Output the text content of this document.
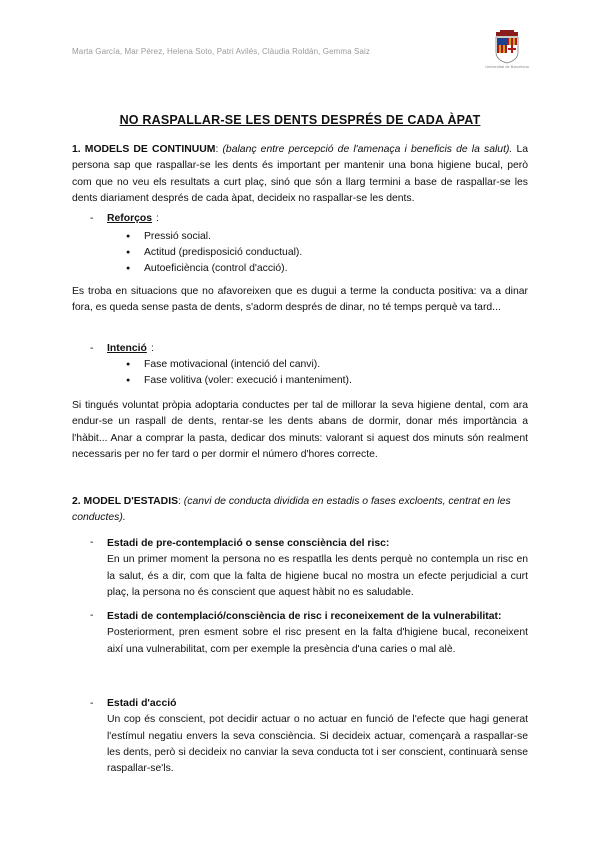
Marta García, Mar Pérez, Helena Soto, Patri Avilés, Clàudia Roldán, Gemma Saiz
Universitat de Barcelona
NO RASPALLAR-SE LES DENTS DESPRÉS DE CADA ÀPAT
1. MODELS DE CONTINUUM: (balanç entre percepció de l'amenaça i beneficis de la salut). La persona sap que raspallar-se les dents és important per mantenir una bona higiene bucal, però com que no veu els resultats a curt plaç, sinó que són a llarg termini a base de raspallar-se les dents diariament després de cada àpat, decideix no raspallar-se les dents.
- Reforços :
● Pressió social.
● Actitud (predisposició conductual).
● Autoeficiència (control d'acció).
Es troba en situacions que no afavoreixen que es dugui a terme la conducta positiva: va a dinar fora, es queda sense pasta de dents, s'adorm després de dinar, no té temps perquè va tard...
- Intenció :
● Fase motivacional (intenció del canvi).
● Fase volitiva (voler: execució i manteniment).
Si tingués voluntat pròpia adoptaria conductes per tal de millorar la seva higiene dental, com ara endur-se un raspall de dents, rentar-se les dents abans de dormir, donar més importància a l'hàbit... Anar a comprar la pasta, dedicar dos minuts: valorant si aquest dos minuts són realment necessaris per no fer tard o per dormir el número d'hores correcte.
2. MODEL D'ESTADIS: (canvi de conducta dividida en estadis o fases excloents, centrat en les conductes).
- Estadi de pre-contemplació o sense consciència del risc:
En un primer moment la persona no es respatlla les dents perquè no contempla un risc en la salut, és a dir, com que la falta de higiene bucal no mostra un efecte perjudicial a curt plaç, la persona no és conscient que aquest hàbit no es saludable.
- Estadi de contemplació/consciència de risc i reconeixement de la vulnerabilitat:
Posteriorment, pren esment sobre el risc present en la falta d'higiene bucal, reconeixent així una vulnerabilitat, com per exemple la presència d'una caries o mal alè.
- Estadi d'acció
Un cop és conscient, pot decidir actuar o no actuar en funció de l'efecte que hagi generat l'estímul negatiu envers la seva consciència. Si decideix actuar, començarà a raspallar-se les dents, però si decideix no canviar la seva conducta tot i ser conscient, continuarà sense raspallar-se'ls.
